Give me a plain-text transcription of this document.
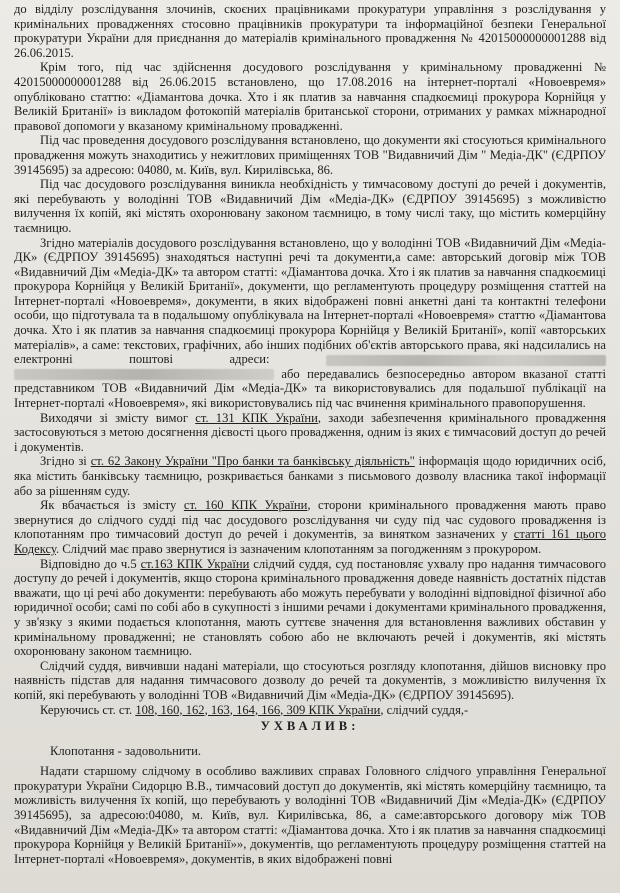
до відділу розслідування злочинів, скоєних працівниками прокуратури управління з розслідування у кримінальних провадженнях стосовно працівників прокуратури та інформаційної безпеки Генеральної прокуратури України для приєднання до матеріалів кримінального провадження № 42015000000001288 від 26.06.2015.

Крім того, під час здійснення досудового розслідування у кримінальному провадженні № 42015000000001288 від 26.06.2015 встановлено, що 17.08.2016 на інтернет-порталі «Новоевремя» опубліковано статтю: «Діамантова дочка. Хто і як платив за навчання спадкоємиці прокурора Корнійця у Великій Британії» із викладом фотокопій матеріалів британської сторони, отриманих у рамках міжнародної правової допомоги у вказаному кримінальному провадженні.

Під час проведення досудового розслідування встановлено, що документи які стосуються кримінального провадження можуть знаходитись у нежитлових приміщеннях ТОВ "Видавничий Дім " Медіа-ДК" (ЄДРПОУ 39145695) за адресою: 04080, м. Київ, вул. Кирилівська, 86.

Під час досудового розслідування виникла необхідність у тимчасовому доступі до речей і документів, які перебувають у володінні ТОВ «Видавничий Дім «Медіа-ДК» (ЄДРПОУ 39145695) з можливістю вилучення їх копій, які містять охоронювану законом таємницю, в тому числі таку, що містить комерційну таємницю.

Згідно матеріалів досудового розслідування встановлено, що у володінні ТОВ «Видавничий Дім «Медіа-ДК» (ЄДРПОУ 39145695) знаходяться наступні речі та документи,а саме: авторський договір між ТОВ «Видавничий Дім «Медіа-ДК» та автором статті: «Діамантова дочка. Хто і як платив за навчання спадкоємиці прокурора Корнійця у Великій Британії», документи, що регламентують процедуру розміщення статтей на Інтернет-порталі «Новоевремя», документи, в яких відображені повні анкетні дані та контактні телефони особи, що підготувала та в подальшому опублікувала на Інтернет-порталі «Новоевремя» статтю «Діамантова дочка. Хто і як платив за навчання спадкоємиці прокурора Корнійця у Великій Британії», копії «авторських матеріалів», а саме: текстових, графічних, або інших подібних об'єктів авторського права, які надсилались на електронні поштові адреси:   або передавались безпосередньо автором вказаної статті представником ТОВ «Видавничий Дім «Медіа-ДК» та використовувались для подальшої публікації на Інтернет-порталі «Новоевремя», які використовувались під час вчинення кримінального правопорушення.

Виходячи зі змісту вимог ст. 131 КПК України, заходи забезпечення кримінального провадження застосовуються з метою досягнення дієвості цього провадження, одним із яких є тимчасовий доступ до речей і документів.

Згідно зі ст. 62 Закону України "Про банки та банківську діяльність" інформація щодо юридичних осіб, яка містить банківську таємницю, розкривається банками з письмового дозволу власника такої інформації або за рішенням суду.

Як вбачається із змісту ст. 160 КПК України, сторони кримінального провадження мають право звернутися до слідчого судді під час досудового розслідування чи суду під час судового провадження із клопотанням про тимчасовий доступ до речей і документів, за винятком зазначених у статті 161 цього Кодексу. Слідчий має право звернутися із зазначеним клопотанням за погодженням з прокурором.

Відповідно до ч.5 ст.163 КПК України слідчий суддя, суд постановляє ухвалу про надання тимчасового доступу до речей і документів, якщо сторона кримінального провадження доведе наявність достатніх підстав вважати, що ці речі або документи: перебувають або можуть перебувати у володінні відповідної фізичної або юридичної особи; самі по собі або в сукупності з іншими речами і документами кримінального провадження, у зв'язку з якими подається клопотання, мають суттєве значення для встановлення важливих обставин у кримінальному провадженні; не становлять собою або не включають речей і документів, які містять охоронювану законом таємницю.

Слідчий суддя, вивчивши надані матеріали, що стосуються розгляду клопотання, дійшов висновку про наявність підстав для надання тимчасового дозволу до речей та документів, з можливістю вилучення їх копій, які перебувають у володінні ТОВ «Видавничий Дім «Медіа-ДК» (ЄДРПОУ 39145695).

Керуючись ст. ст. 108, 160, 162, 163, 164, 166, 309 КПК України, слідчий суддя,-

УХВАЛИВ:

Клопотання - задовольнити.

Надати старшому слідчому в особливо важливих справах Головного слідчого управління Генеральної прокуратури України Сидорцю В.В., тимчасовий доступ до документів, які містять комерційну таємницю, та можливість вилучення їх копій, що перебувають у володінні ТОВ «Видавничий Дім «Медіа-ДК» (ЄДРПОУ 39145695), за адресою:04080, м. Київ, вул. Кирилівська, 86, а саме:авторського договору між ТОВ «Видавничий Дім «Медіа-ДК» та автором статті: «Діамантова дочка. Хто і як платив за навчання спадкоємиці прокурора Корнійця у Великій Британії»», документів, що регламентують процедуру розміщення статтей на Інтернет-порталі «Новоевремя», документів, в яких відображені повні
